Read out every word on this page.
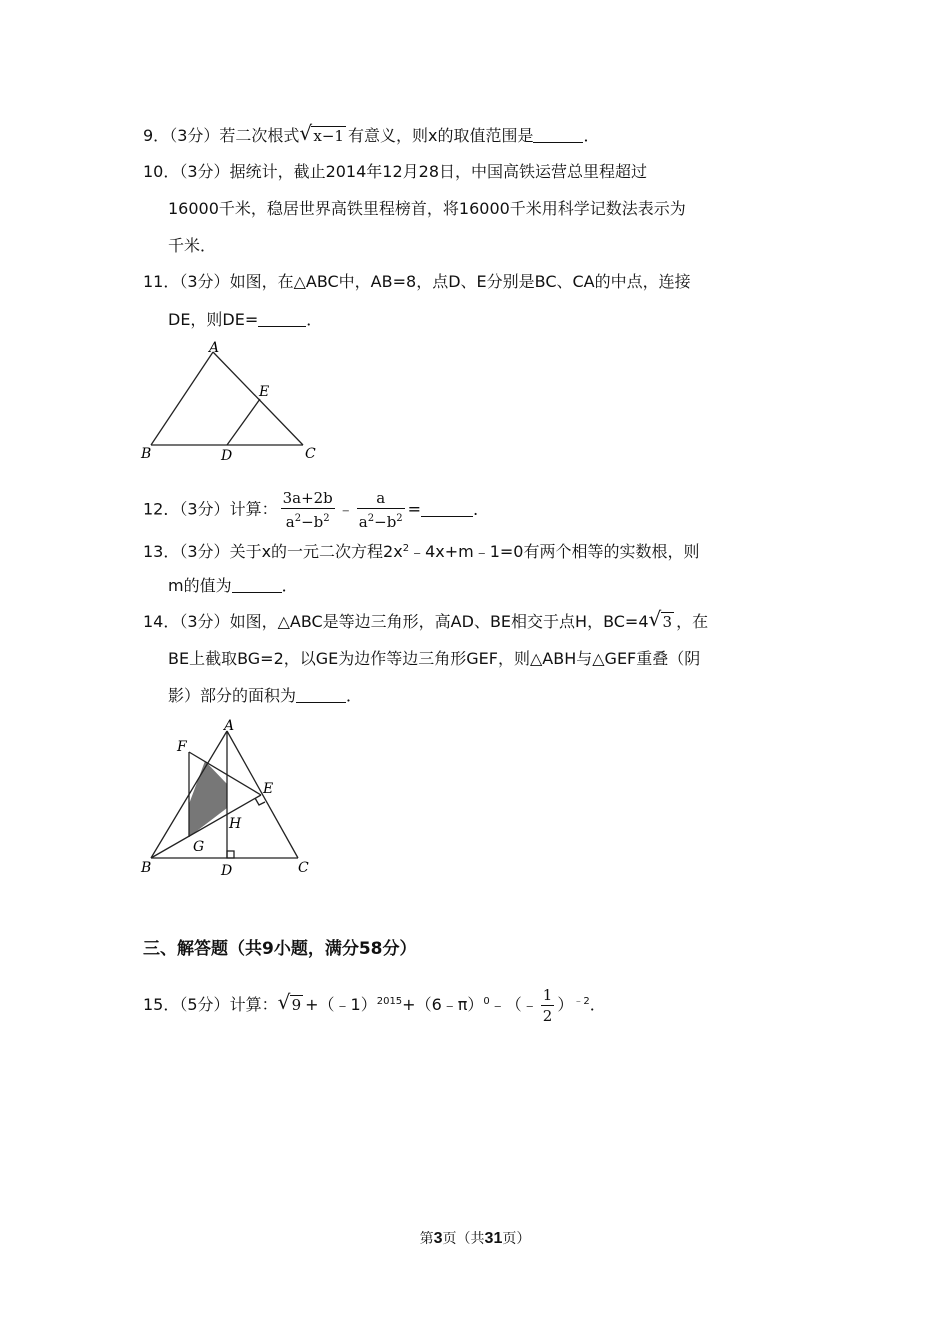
9．（3分）若二次根式 √ x−1 有意义，则x的取值范围是	．
10．（3分）据统计，截止2014年12月28日，中国高铁运营总里程超过
16000千米，稳居世界高铁里程榜首，将16000千米用科学记数法表示为
千米．
11．（3分）如图，在△ABC中，AB=8，点D、E分别是BC、CA的中点，连接
DE，则DE=	．
A
B	C
D
E
12．（3分）计算： $\frac{3a+2b}{a^2-b^2}$ ﹣ $\frac{a}{a^2-b^2}$ =	．
13．（3分）关于x的一元二次方程$2x^2﹣4x+m﹣1=0$有两个相等的实数根，则
m的值为	．
14．（3分）如图，△ABC是等边三角形，高AD、BE相交于点H，BC=4 √ 3 ，在
BE上截取BG=2，以GE为边作等边三角形GEF，则△ABH与△GEF重叠（阴
影）部分的面积为	．
A
F
E
H
G
B	D	C
三、解答题（共9小题，满分58分）
15．（5分）计算： √ 9 +（﹣1）$^{2015}$+（6﹣π）$^0$﹣（﹣ $\frac{1}{2} )^{﹣2}$．
第3页（共31页）
